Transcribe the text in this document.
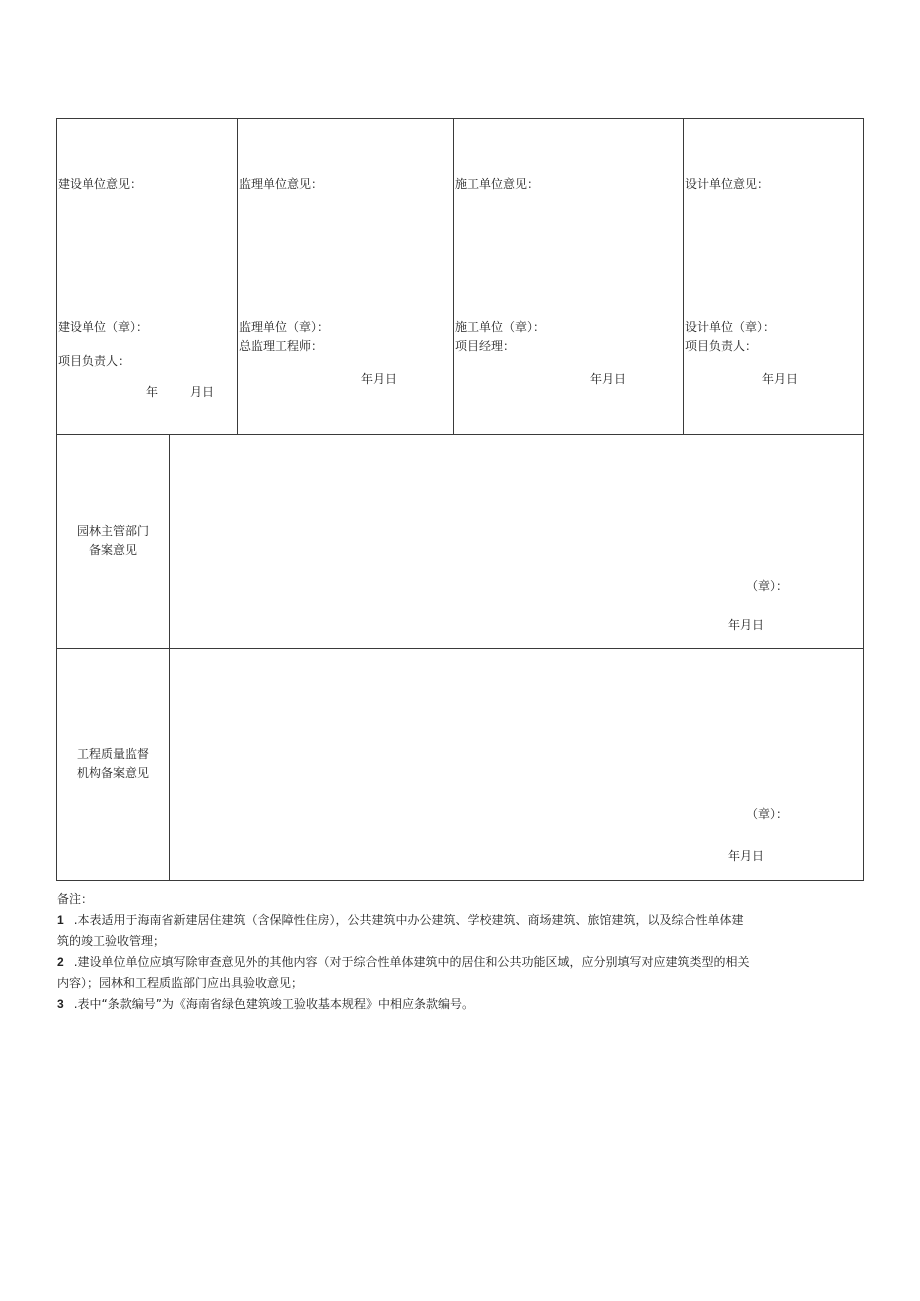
建设单位意见：
建设单位（章）：
项目负责人：
年	月日
监理单位意见：
监理单位（章）：
总监理工程师：
年月日
施工单位意见：
施工单位（章）：
项目经理：
年月日
设计单位意见：
设计单位（章）：
项目负责人：
年月日
园林主管部门
备案意见
（章）：
年月日
工程质量监督
机构备案意见
（章）：
年月日
备注：
1 .本表适用于海南省新建居住建筑（含保障性住房），公共建筑中办公建筑、学校建筑、商场建筑、旅馆建筑，以及综合性单体建
筑的竣工验收管理；
2 .建设单位单位应填写除审查意见外的其他内容（对于综合性单体建筑中的居住和公共功能区域，应分别填写对应建筑类型的相关
内容）；园林和工程质监部门应出具验收意见；
3 .表中“条款编号”为《海南省绿色建筑竣工验收基本规程》中相应条款编号。
